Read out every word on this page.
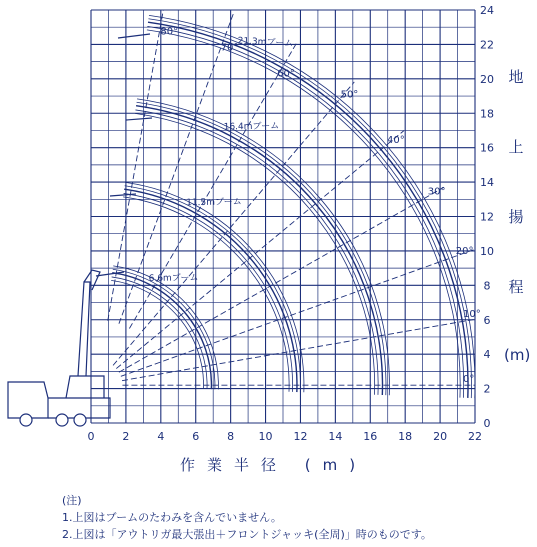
0	2	4	6	8 10 12 14 16 18 20 22
0
2
4
6
8
10
12
14
16
18
20
22
24
6.6mブーム
11.5mブーム
16.4mブーム
21.3mブーム
80°
70°
60°
50°
40°
30°
20°
10°
0°
地
上
揚
程
(m)
作業半径 (m)
(注)
1.上図はブームのたわみを含んでいません。
2.上図は「アウトリガ最大張出＋フロントジャッキ(全周)」時のものです。
